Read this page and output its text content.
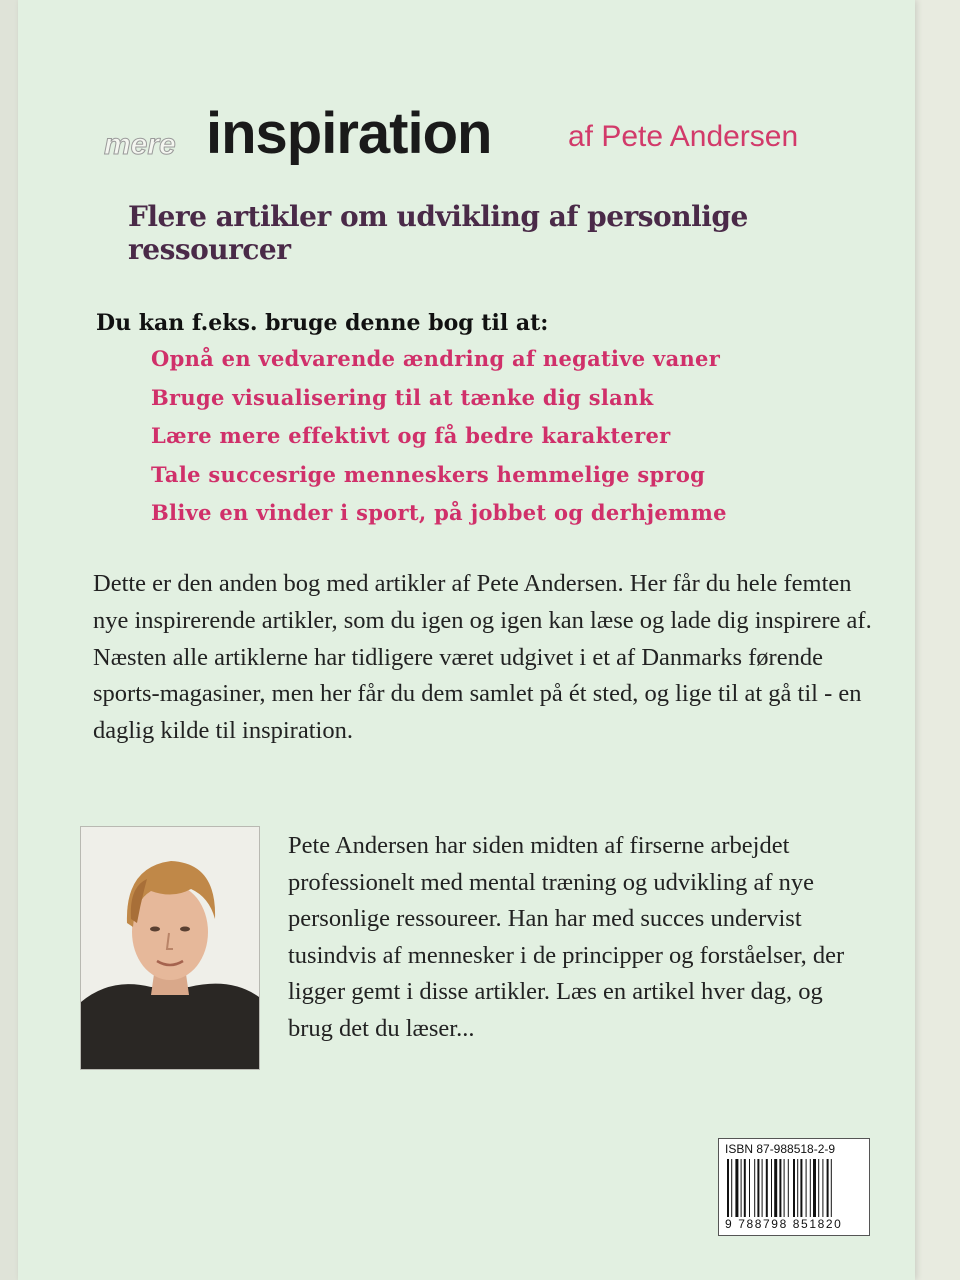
mere inspiration	af Pete Andersen
Flere artikler om udvikling af personlige ressourcer
Du kan f.eks. bruge denne bog til at:
Opnå en vedvarende ændring af negative vaner
Bruge visualisering til at tænke dig slank
Lære mere effektivt og få bedre karakterer
Tale succesrige menneskers hemmelige sprog
Blive en vinder i sport, på jobbet og derhjemme

Dette er den anden bog med artikler af Pete Andersen. Her får du hele femten nye inspirerende artikler, som du igen og igen kan læse og lade dig inspirere af. Næsten alle artiklerne har tidligere været udgivet i et af Danmarks førende sports-magasiner, men her får du dem samlet på ét sted, og lige til at gå til - en daglig kilde til inspiration.

Pete Andersen har siden midten af firserne arbejdet professionelt med mental træning og udvikling af nye personlige ressoureer. Han har med succes undervist tusindvis af mennesker i de principper og forståelser, der ligger gemt i disse artikler. Læs en artikel hver dag, og brug det du læser...

ISBN 87-988518-2-9
9 788798 851820
